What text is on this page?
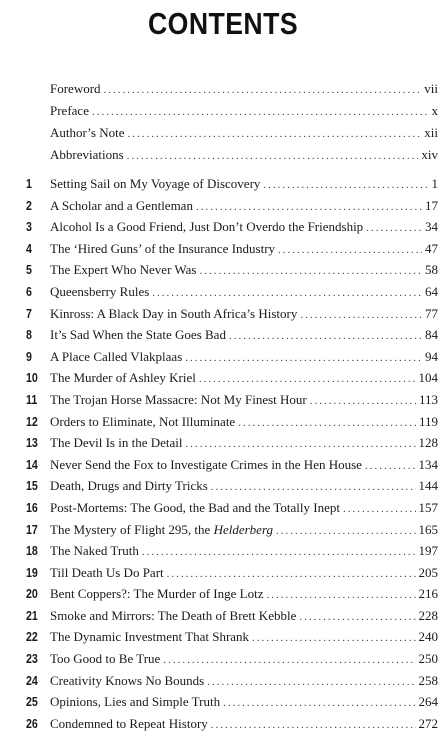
CONTENTS
Foreword .....	vii
Preface .....	x
Author’s Note .....	xii
Abbreviations .....	xiv
1	Setting Sail on My Voyage of Discovery .....	1
2	A Scholar and a Gentleman .....	17
3	Alcohol Is a Good Friend, Just Don’t Overdo the Friendship .....	34
4	The ‘Hired Guns’ of the Insurance Industry .....	47
5	The Expert Who Never Was .....	58
6	Queensberry Rules .....	64
7	Kinross: A Black Day in South Africa’s History .....	77
8	It’s Sad When the State Goes Bad .....	84
9	A Place Called Vlakplaas .....	94
10 The Murder of Ashley Kriel .....	104
11 The Trojan Horse Massacre: Not My Finest Hour .....	113
12 Orders to Eliminate, Not Illuminate .....	119
13 The Devil Is in the Detail .....	128
14 Never Send the Fox to Investigate Crimes in the Hen House .....	134
15 Death, Drugs and Dirty Tricks .....	144
16 Post-Mortems: The Good, the Bad and the Totally Inept .....	157
17 The Mystery of Flight 295, the Helderberg .....	165
18 The Naked Truth .....	197
19 Till Death Us Do Part .....	205
20 Bent Coppers?: The Murder of Inge Lotz .....	216
21 Smoke and Mirrors: The Death of Brett Kebble .....	228
22 The Dynamic Investment That Shrank .....	240
23 Too Good to Be True .....	250
24 Creativity Knows No Bounds .....	258
25 Opinions, Lies and Simple Truth .....	264
26 Condemned to Repeat History .....	272
